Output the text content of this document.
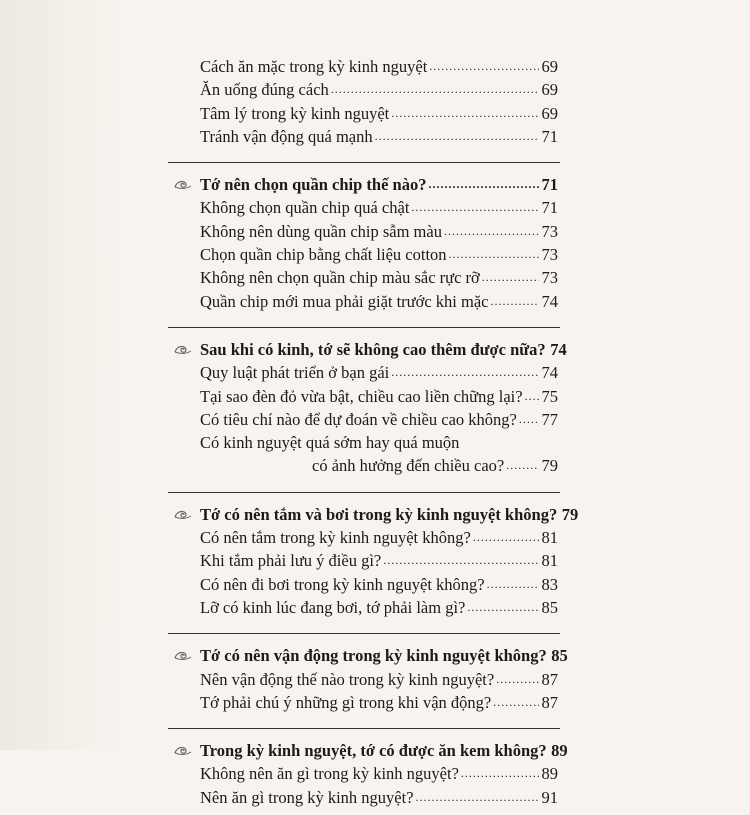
Cách ăn mặc trong kỳ kinh nguyệt .....	69
Ăn uống đúng cách .....	69
Tâm lý trong kỳ kinh nguyệt .....	69
Tránh vận động quá mạnh .....	71
Tớ nên chọn quần chip thế nào? .....	71
Không chọn quần chip quá chật .....	71
Không nên dùng quần chip sẫm màu .....	73
Chọn quần chip bằng chất liệu cotton .....	73
Không nên chọn quần chip màu sắc rực rỡ .....	73
Quần chip mới mua phải giặt trước khi mặc .....	74
Sau khi có kinh, tớ sẽ không cao thêm được nữa? 74
Quy luật phát triển ở bạn gái .....	74
Tại sao đèn đỏ vừa bật, chiều cao liền chững lại? ..... 75
Có tiêu chí nào để dự đoán về chiều cao không? ..... 77
Có kinh nguyệt quá sớm hay quá muộn
có ảnh hưởng đến chiều cao? ..... 79
Tớ có nên tắm và bơi trong kỳ kinh nguyệt không? 79
Có nên tắm trong kỳ kinh nguyệt không? .....	81
Khi tắm phải lưu ý điều gì? .....	81
Có nên đi bơi trong kỳ kinh nguyệt không? .....	83
Lỡ có kinh lúc đang bơi, tớ phải làm gì? .....	85
Tớ có nên vận động trong kỳ kinh nguyệt không? 85
Nên vận động thế nào trong kỳ kinh nguyệt? .....	87
Tớ phải chú ý những gì trong khi vận động? .....	87
Trong kỳ kinh nguyệt, tớ có được ăn kem không? 89
Không nên ăn gì trong kỳ kinh nguyệt? .....	89
Nên ăn gì trong kỳ kinh nguyệt? .....	91
